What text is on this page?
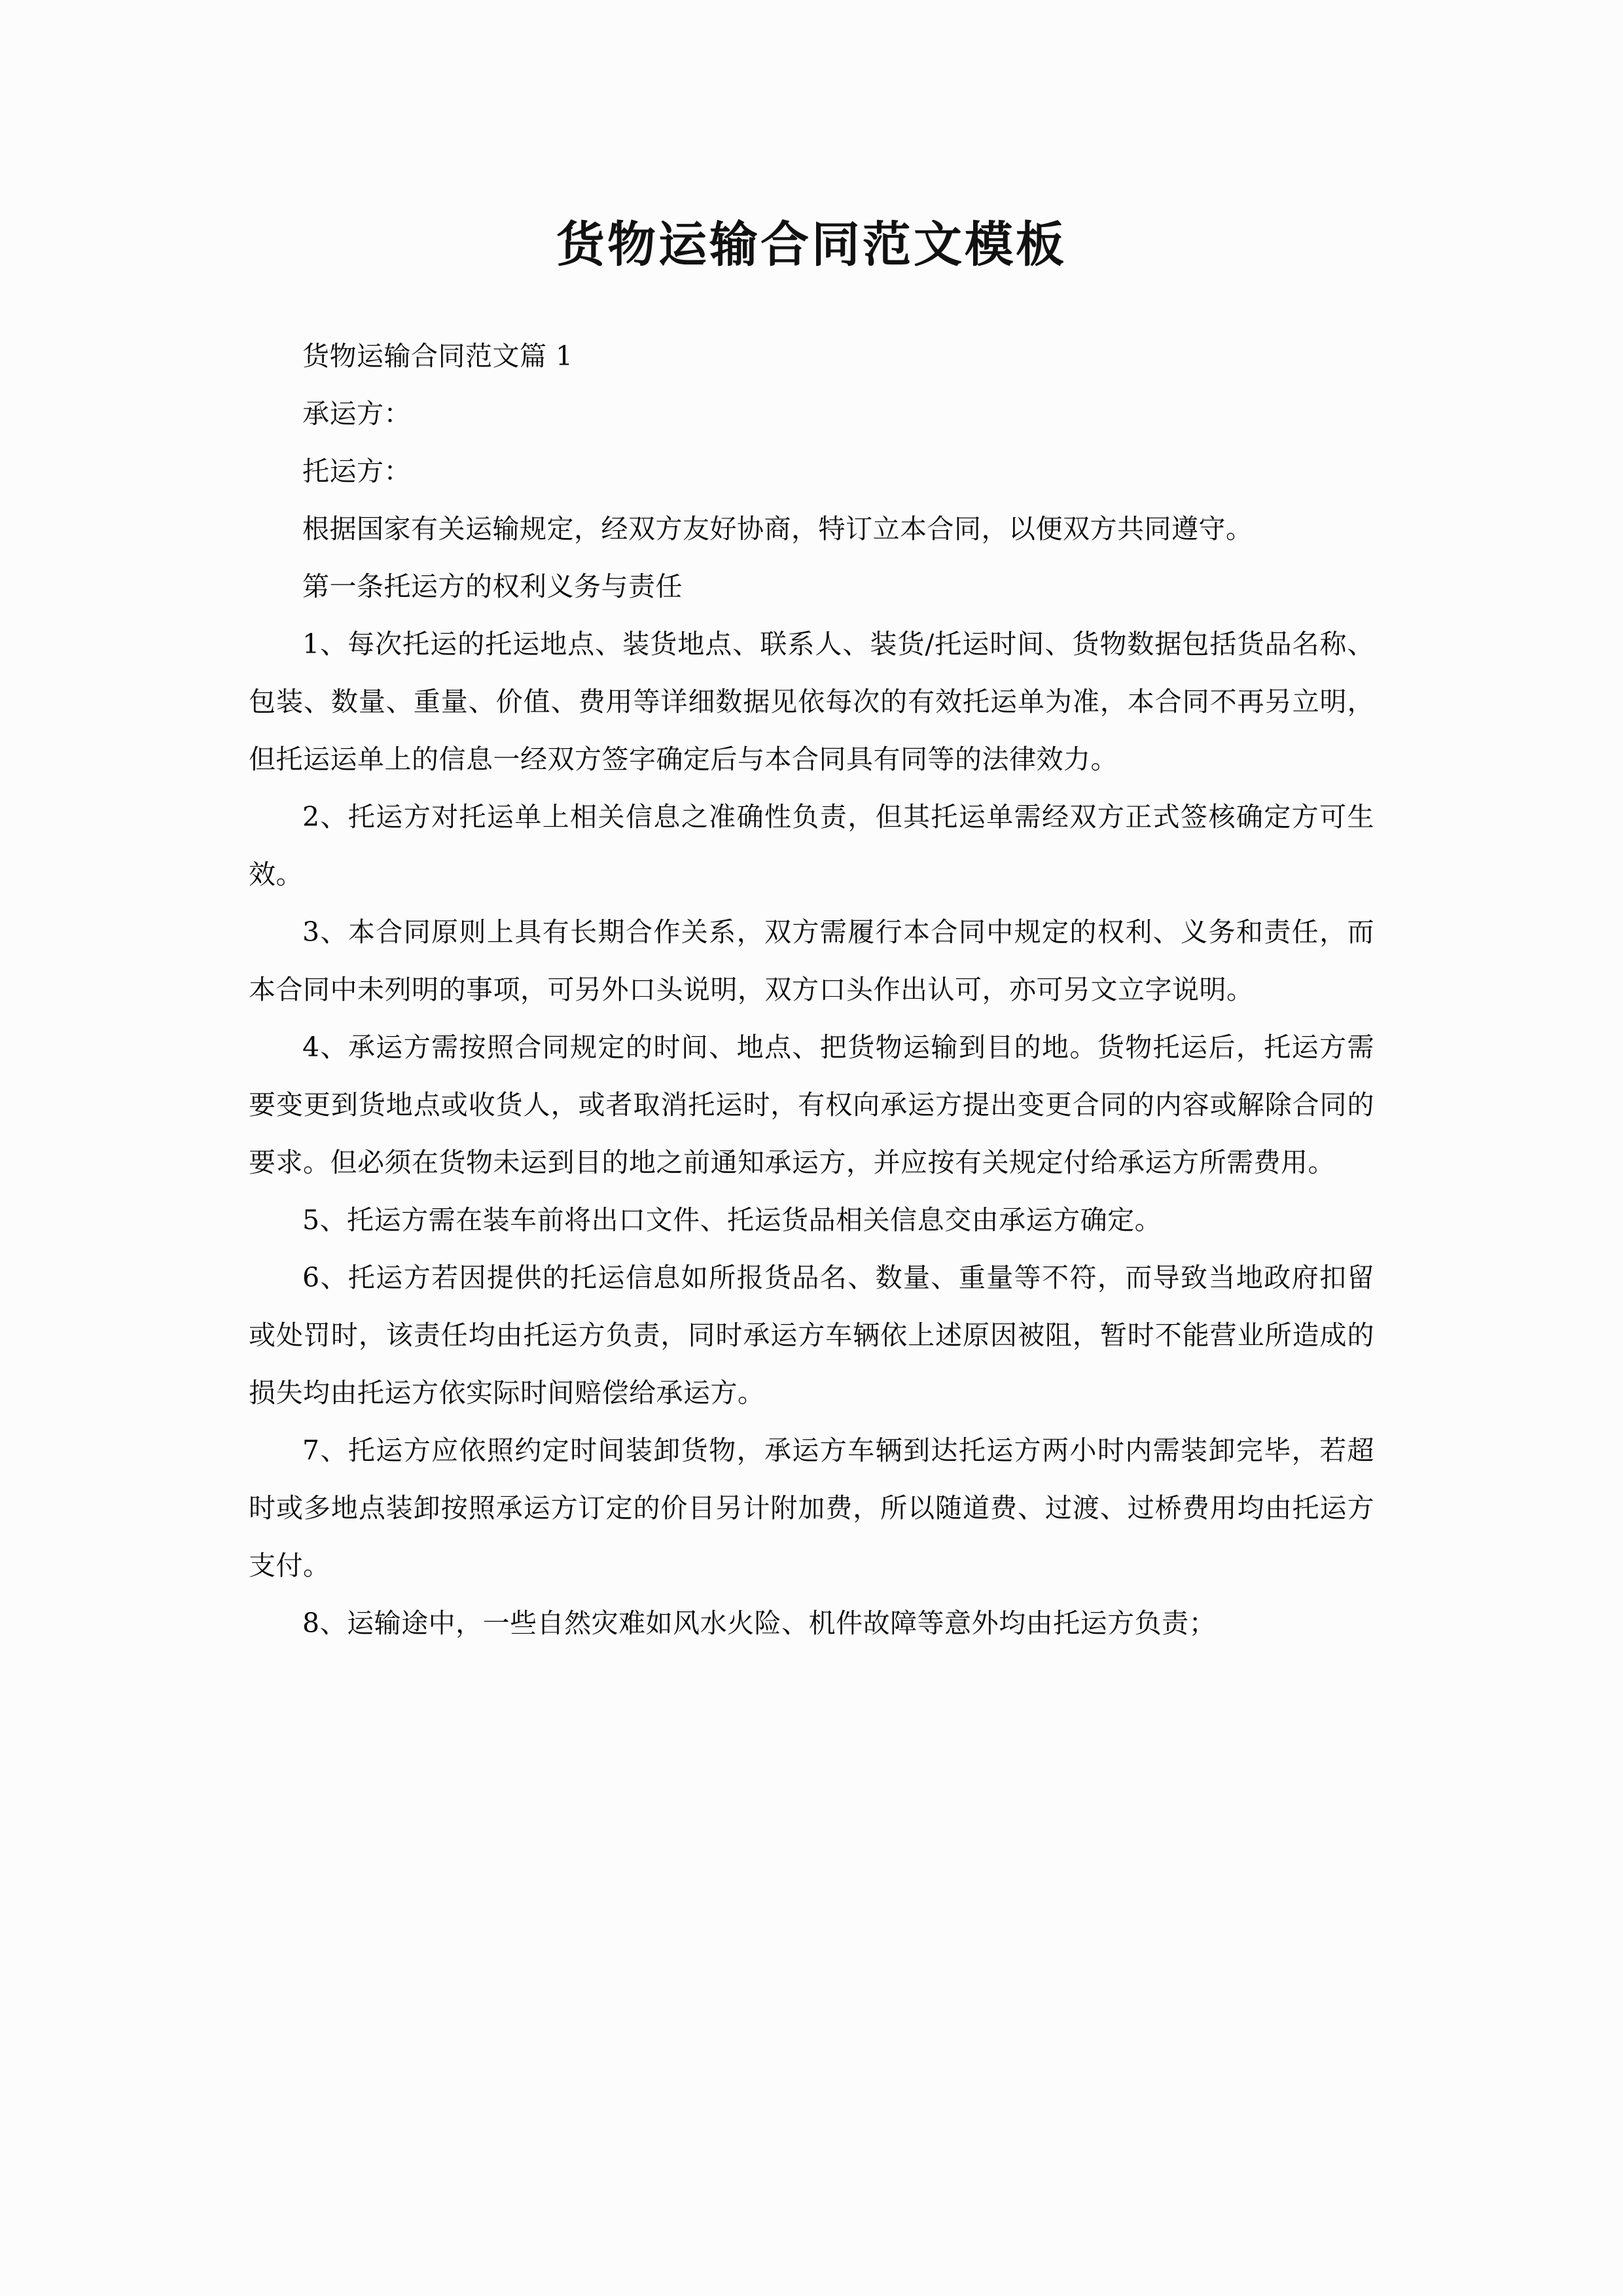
货物运输合同范文模板

货物运输合同范文篇 1

承运方：

托运方：

根据国家有关运输规定，经双方友好协商，特订立本合同，以便双方共同遵守。

第一条托运方的权利义务与责任

1、每次托运的托运地点、装货地点、联系人、装货/托运时间、货物数据包括货品名称、包装、数量、重量、价值、费用等详细数据见依每次的有效托运单为准，本合同不再另立明，但托运运单上的信息一经双方签字确定后与本合同具有同等的法律效力。

2、托运方对托运单上相关信息之准确性负责，但其托运单需经双方正式签核确定方可生效。

3、本合同原则上具有长期合作关系，双方需履行本合同中规定的权利、义务和责任，而本合同中未列明的事项，可另外口头说明，双方口头作出认可，亦可另文立字说明。

4、承运方需按照合同规定的时间、地点、把货物运输到目的地。货物托运后，托运方需要变更到货地点或收货人，或者取消托运时，有权向承运方提出变更合同的内容或解除合同的要求。但必须在货物未运到目的地之前通知承运方，并应按有关规定付给承运方所需费用。

5、托运方需在装车前将出口文件、托运货品相关信息交由承运方确定。

6、托运方若因提供的托运信息如所报货品名、数量、重量等不符，而导致当地政府扣留或处罚时，该责任均由托运方负责，同时承运方车辆依上述原因被阻，暂时不能营业所造成的损失均由托运方依实际时间赔偿给承运方。

7、托运方应依照约定时间装卸货物，承运方车辆到达托运方两小时内需装卸完毕，若超时或多地点装卸按照承运方订定的价目另计附加费，所以随道费、过渡、过桥费用均由托运方支付。

8、运输途中，一些自然灾难如风水火险、机件故障等意外均由托运方负责；
